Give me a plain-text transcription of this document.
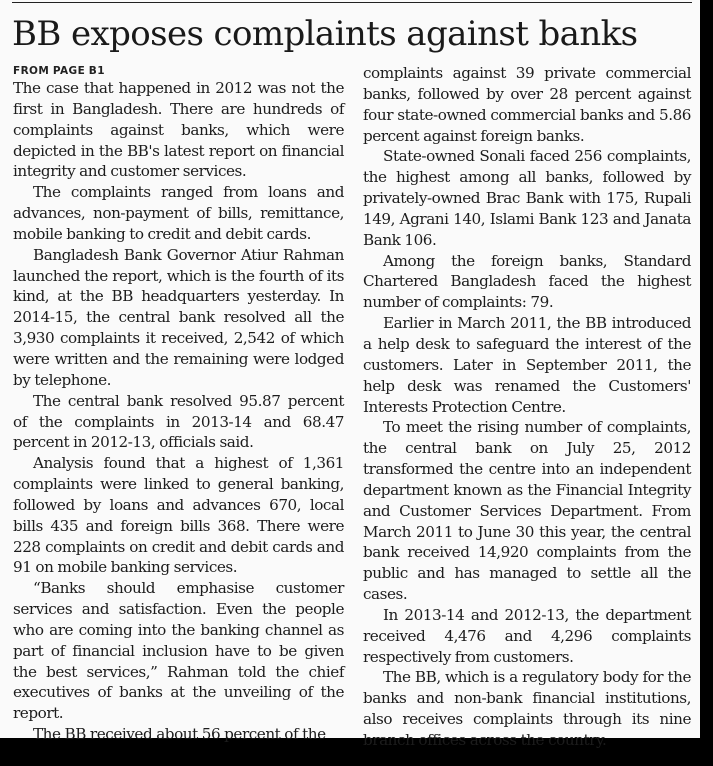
BB exposes complaints against banks
FROM PAGE B1

The case that happened in 2012 was not the first in Bangladesh. There are hundreds of complaints against banks, which were depicted in the BB's latest report on financial integrity and customer services.

The complaints ranged from loans and advances, non-payment of bills, remittance, mobile banking to credit and debit cards.

Bangladesh Bank Governor Atiur Rahman launched the report, which is the fourth of its kind, at the BB headquarters yesterday. In 2014-15, the central bank resolved all the 3,930 complaints it received, 2,542 of which were written and the remaining were lodged by telephone.

The central bank resolved 95.87 percent of the complaints in 2013-14 and 68.47 percent in 2012-13, officials said.

Analysis found that a highest of 1,361 complaints were linked to general banking, followed by loans and advances 670, local bills 435 and foreign bills 368. There were 228 complaints on credit and debit cards and 91 on mobile banking services.

“Banks should emphasise customer services and satisfaction. Even the people who are coming into the banking channel as part of financial inclusion have to be given the best services,” Rahman told the chief executives of banks at the unveiling of the report.

The BB received about 56 percent of the

complaints against 39 private commercial banks, followed by over 28 percent against four state-owned commercial banks and 5.86 percent against foreign banks.

State-owned Sonali faced 256 complaints, the highest among all banks, followed by privately-owned Brac Bank with 175, Rupali 149, Agrani 140, Islami Bank 123 and Janata Bank 106.

Among the foreign banks, Standard Chartered Bangladesh faced the highest number of complaints: 79.

Earlier in March 2011, the BB introduced a help desk to safeguard the interest of the customers. Later in September 2011, the help desk was renamed the Customers' Interests Protection Centre.

To meet the rising number of complaints, the central bank on July 25, 2012 transformed the centre into an independent department known as the Financial Integrity and Customer Services Department. From March 2011 to June 30 this year, the central bank received 14,920 complaints from the public and has managed to settle all the cases.

In 2013-14 and 2012-13, the department received 4,476 and 4,296 complaints respectively from customers.

The BB, which is a regulatory body for the banks and non-bank financial institutions, also receives complaints through its nine branch offices across the country.
